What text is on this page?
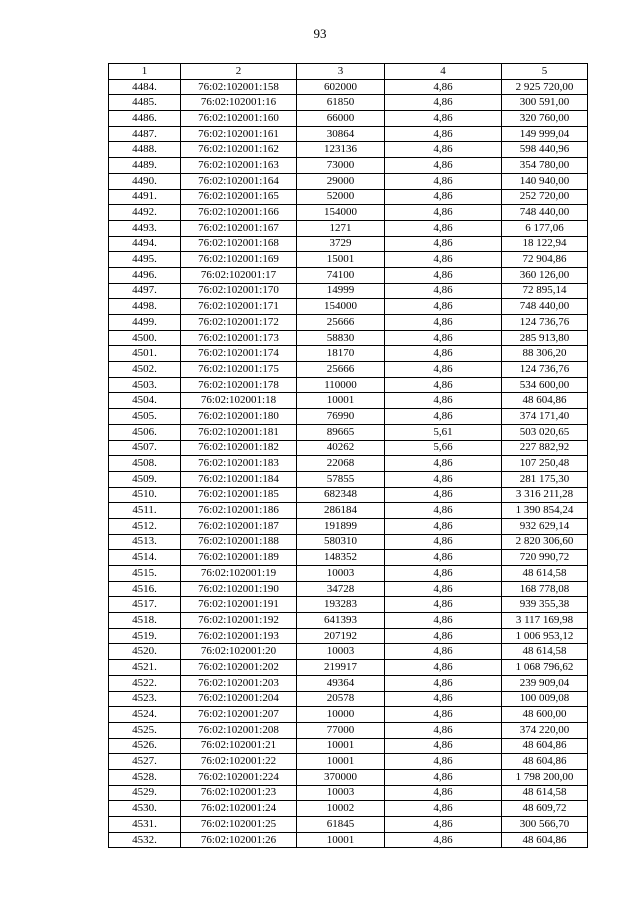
93
1	2	3	4	5
4484.	76:02:102001:158	602000	4,86	2 925 720,00
4485.	76:02:102001:16	61850	4,86	300 591,00
4486.	76:02:102001:160	66000	4,86	320 760,00
4487.	76:02:102001:161	30864	4,86	149 999,04
4488.	76:02:102001:162	123136	4,86	598 440,96
4489.	76:02:102001:163	73000	4,86	354 780,00
4490.	76:02:102001:164	29000	4,86	140 940,00
4491.	76:02:102001:165	52000	4,86	252 720,00
4492.	76:02:102001:166	154000	4,86	748 440,00
4493.	76:02:102001:167	1271	4,86	6 177,06
4494.	76:02:102001:168	3729	4,86	18 122,94
4495.	76:02:102001:169	15001	4,86	72 904,86
4496.	76:02:102001:17	74100	4,86	360 126,00
4497.	76:02:102001:170	14999	4,86	72 895,14
4498.	76:02:102001:171	154000	4,86	748 440,00
4499.	76:02:102001:172	25666	4,86	124 736,76
4500.	76:02:102001:173	58830	4,86	285 913,80
4501.	76:02:102001:174	18170	4,86	88 306,20
4502.	76:02:102001:175	25666	4,86	124 736,76
4503.	76:02:102001:178	110000	4,86	534 600,00
4504.	76:02:102001:18	10001	4,86	48 604,86
4505.	76:02:102001:180	76990	4,86	374 171,40
4506.	76:02:102001:181	89665	5,61	503 020,65
4507.	76:02:102001:182	40262	5,66	227 882,92
4508.	76:02:102001:183	22068	4,86	107 250,48
4509.	76:02:102001:184	57855	4,86	281 175,30
4510.	76:02:102001:185	682348	4,86	3 316 211,28
4511.	76:02:102001:186	286184	4,86	1 390 854,24
4512.	76:02:102001:187	191899	4,86	932 629,14
4513.	76:02:102001:188	580310	4,86	2 820 306,60
4514.	76:02:102001:189	148352	4,86	720 990,72
4515.	76:02:102001:19	10003	4,86	48 614,58
4516.	76:02:102001:190	34728	4,86	168 778,08
4517.	76:02:102001:191	193283	4,86	939 355,38
4518.	76:02:102001:192	641393	4,86	3 117 169,98
4519.	76:02:102001:193	207192	4,86	1 006 953,12
4520.	76:02:102001:20	10003	4,86	48 614,58
4521.	76:02:102001:202	219917	4,86	1 068 796,62
4522.	76:02:102001:203	49364	4,86	239 909,04
4523.	76:02:102001:204	20578	4,86	100 009,08
4524.	76:02:102001:207	10000	4,86	48 600,00
4525.	76:02:102001:208	77000	4,86	374 220,00
4526.	76:02:102001:21	10001	4,86	48 604,86
4527.	76:02:102001:22	10001	4,86	48 604,86
4528.	76:02:102001:224	370000	4,86	1 798 200,00
4529.	76:02:102001:23	10003	4,86	48 614,58
4530.	76:02:102001:24	10002	4,86	48 609,72
4531.	76:02:102001:25	61845	4,86	300 566,70
4532.	76:02:102001:26	10001	4,86	48 604,86
